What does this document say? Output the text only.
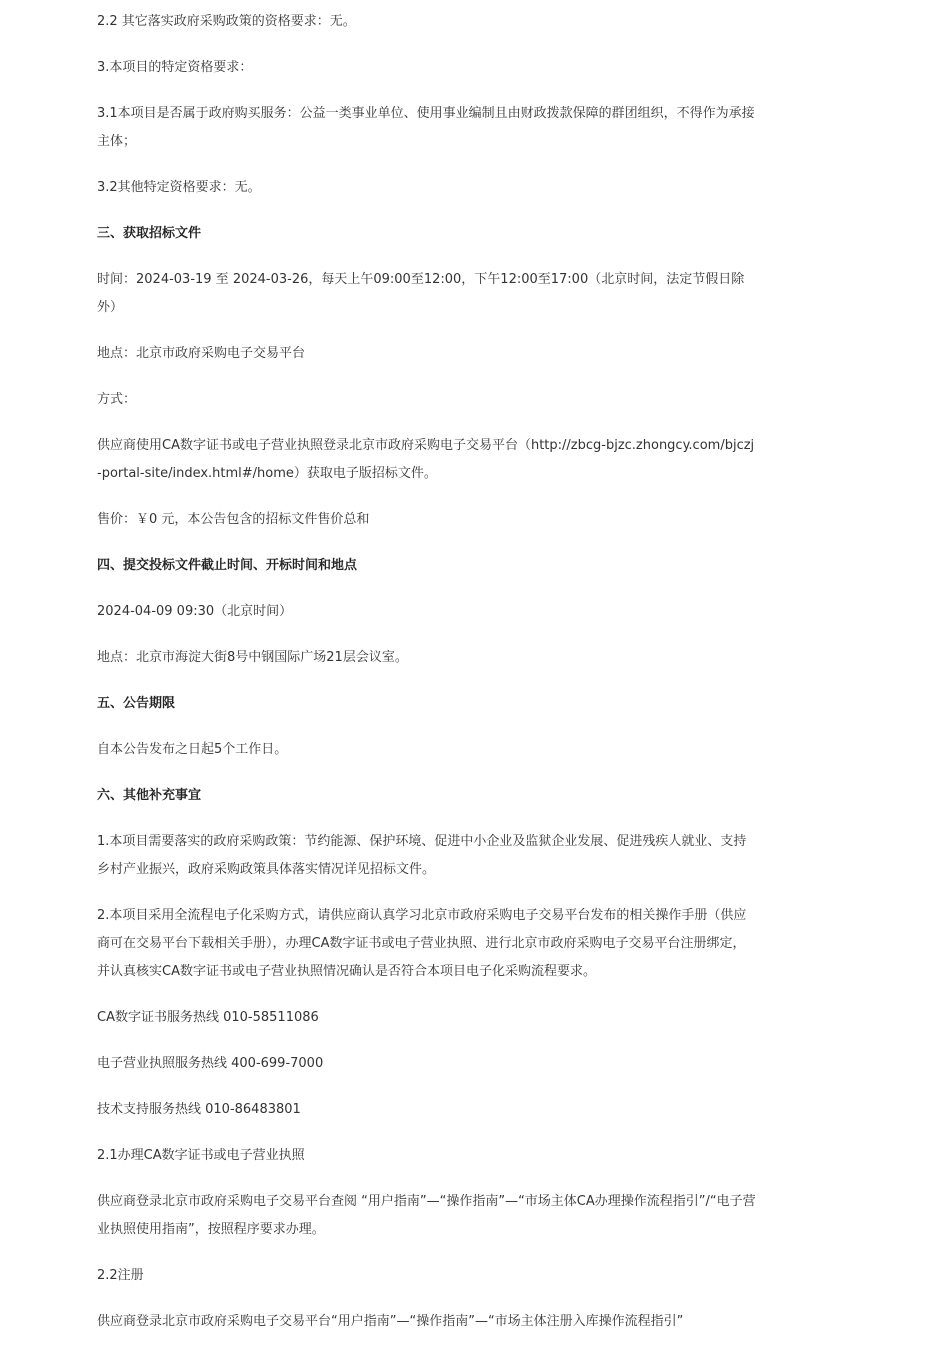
2.2 其它落实政府采购政策的资格要求：无。

3.本项目的特定资格要求：

3.1本项目是否属于政府购买服务：公益一类事业单位、使用事业编制且由财政拨款保障的群团组织，不得作为承接主体；

3.2其他特定资格要求：无。

三、获取招标文件

时间：2024-03-19 至 2024-03-26，每天上午09:00至12:00，下午12:00至17:00（北京时间，法定节假日除外）

地点：北京市政府采购电子交易平台

方式：

供应商使用CA数字证书或电子营业执照登录北京市政府采购电子交易平台（http://zbcg-bjzc.zhongcy.com/bjczj-portal-site/index.html#/home）获取电子版招标文件。

售价：￥0 元，本公告包含的招标文件售价总和

四、提交投标文件截止时间、开标时间和地点

2024-04-09 09:30（北京时间）

地点：北京市海淀大街8号中钢国际广场21层会议室。

五、公告期限

自本公告发布之日起5个工作日。

六、其他补充事宜

1.本项目需要落实的政府采购政策：节约能源、保护环境、促进中小企业及监狱企业发展、促进残疾人就业、支持乡村产业振兴，政府采购政策具体落实情况详见招标文件。

2.本项目采用全流程电子化采购方式，请供应商认真学习北京市政府采购电子交易平台发布的相关操作手册（供应商可在交易平台下载相关手册），办理CA数字证书或电子营业执照、进行北京市政府采购电子交易平台注册绑定，并认真核实CA数字证书或电子营业执照情况确认是否符合本项目电子化采购流程要求。

CA数字证书服务热线 010-58511086

电子营业执照服务热线 400-699-7000

技术支持服务热线 010-86483801

2.1办理CA数字证书或电子营业执照

供应商登录北京市政府采购电子交易平台查阅 “用户指南”—“操作指南”—“市场主体CA办理操作流程指引”/“电子营业执照使用指南”，按照程序要求办理。

2.2注册

供应商登录北京市政府采购电子交易平台“用户指南”—“操作指南”—“市场主体注册入库操作流程指引”
